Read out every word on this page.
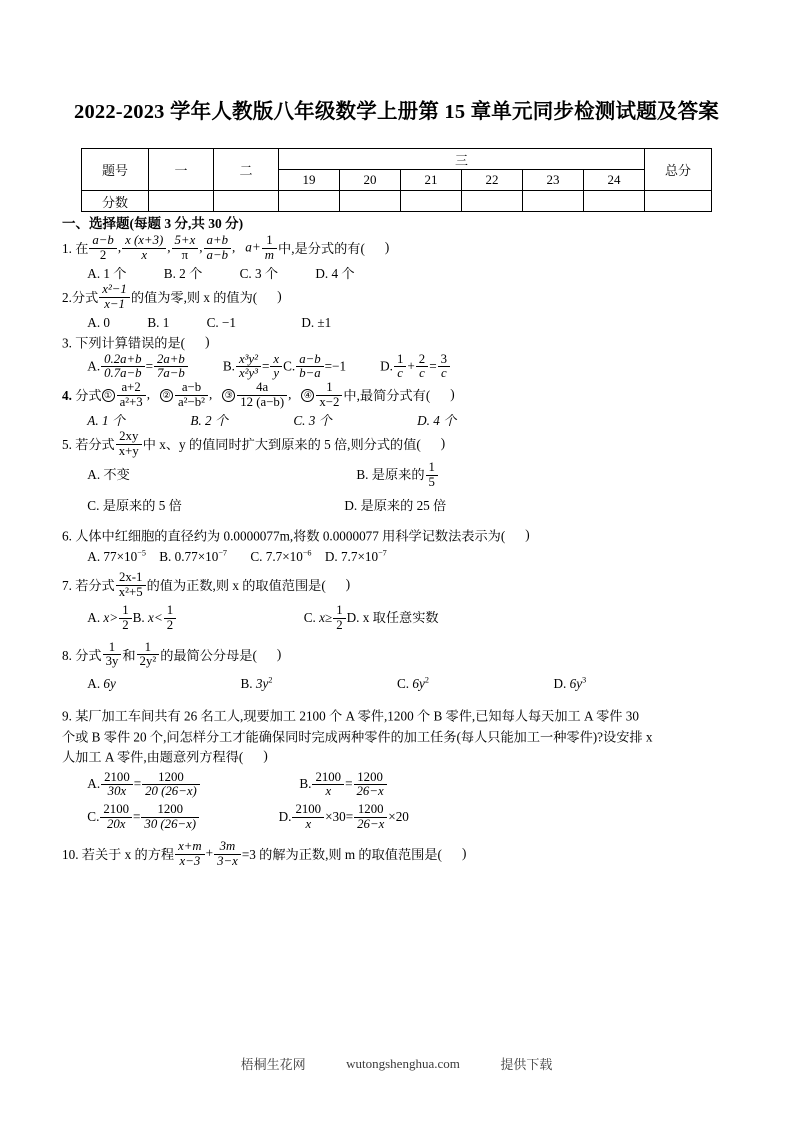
2022-2023 学年人教版八年级数学上册第 15 章单元同步检测试题及答案
题号	一	二	三						总分
			19	20	21	22	23	24	
分数									
一、选择题(每题 3 分,共 30 分)
1. 在 $\frac{a-b}{2}$ , $\frac{x (x+3)}{x}$ , $\frac{5+x}{\pi}$ , $\frac{a+b}{a-b}$ , $a+ \frac{1}{m}$ 中,是分式的有( )
A. 1 个	B. 2 个	C. 3 个	D. 4 个
2.分式 $\frac{\text{x²−1}}{x-1}$ 的值为零,则 x 的值为( )
A. 0	B. 1	C. −1	D. ±1
3. 下列计算错误的是( )
A. $\frac{0.2a+b}{0.7a-b} = \frac{2a+b}{7a-b}$	B. $\frac{\text{x³y²}}{\text{x²y³}} = \frac{x}{y} C$. $\frac{a-b}{b-a} =-1$	D. $\frac{1}{c} + \frac{2}{c} = \frac{3}{c}$
4. 分式 ① $\frac{a+2}{\text{a²+3}}$ , ② $\frac{a-b}{\text{a²−b²}}$ , ③ $\frac{4a}{12 (a-b)}$ , ④ $\frac{1}{x-2}$ 中,最简分式有( )
A. 1 个	B. 2 个	C. 3 个	D. 4 个
5. 若分式 $\frac{2xy}{x+y}$ 中 x、y 的值同时扩大到原来的 5 倍,则分式的值( )
A. 不变	B. 是原来的 $\frac{1}{5}$
C. 是原来的 5 倍	D. 是原来的 25 倍
6. 人体中红细胞的直径约为 0.0000077m,将数 0.0000077 用科学记数法表示为( )
A. $77\times 10^{-5}$ B. $0.77\times 10^{-7}$ C. $7.7\times 10^{-6}$ D. $7.7\times 10^{-7}$
7. 若分式 $\frac{2x-1}{\text{x²+5}}$ 的值为正数,则 x 的取值范围是( )
A. $x> \frac{1}{2} B$. $x< \frac{1}{2}$	C. $x\ge \frac{1}{2} D$. x 取任意实数
8. 分式 $\frac{1}{3y}$ 和 $\frac{1}{\text{2y²}}$ 的最简公分母是( )
A. 6y	B. $3y^2$	C. $6y^2$	D. $6y^3$
9. 某厂加工车间共有 26 名工人,现要加工 2100 个 A 零件,1200 个 B 零件,已知每人每天加工 A 零件 30
个或 B 零件 20 个,问怎样分工才能确保同时完成两种零件的加工任务(每人只能加工一种零件)?设安排 x
人加工 A 零件,由题意列方程得( )
A. $\frac{2100}{30x} = \frac{1200}{20 (26-x)}$	B. $\frac{2100}{x} = \frac{1200}{26-x}$
C. $\frac{2100}{20x} = \frac{1200}{30 (26-x)}$	D. $\frac{2100}{x} \times 30= \frac{1200}{26-x} \times 20$
10. 若关于 x 的方程 $\frac{x+m}{x-3} + \frac{3m}{3-x} =3$ 的解为正数,则 m 的取值范围是( )
梧桐生花网	wutongshenghua.com	提供下载
